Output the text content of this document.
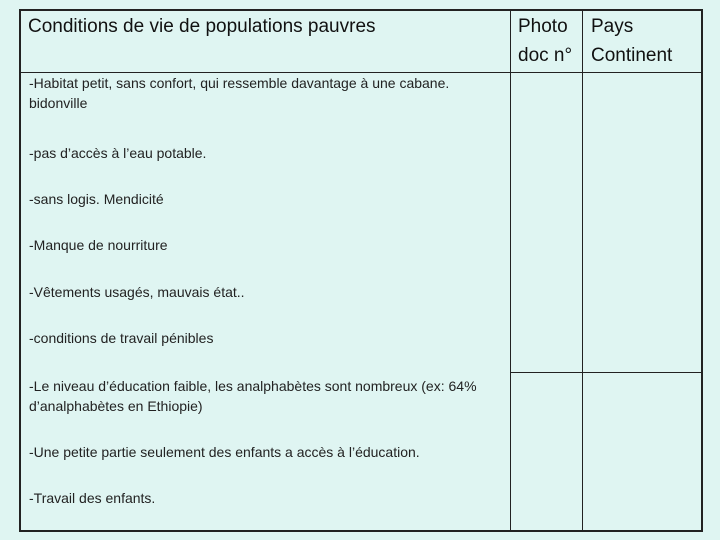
Conditions de vie de populations pauvres	Photo
doc n°
Pays
Continent
-Habitat petit, sans confort, qui ressemble davantage à une cabane. bidonville
-pas d’accès à l’eau potable.
-sans logis. Mendicité
-Manque de nourriture
-Vêtements usagés, mauvais état..
-conditions de travail pénibles
-Le niveau d’éducation faible, les analphabètes sont nombreux (ex: 64% d’analphabètes en Ethiopie)
-Une petite partie seulement des enfants a accès à l’éducation.
-Travail des enfants.
